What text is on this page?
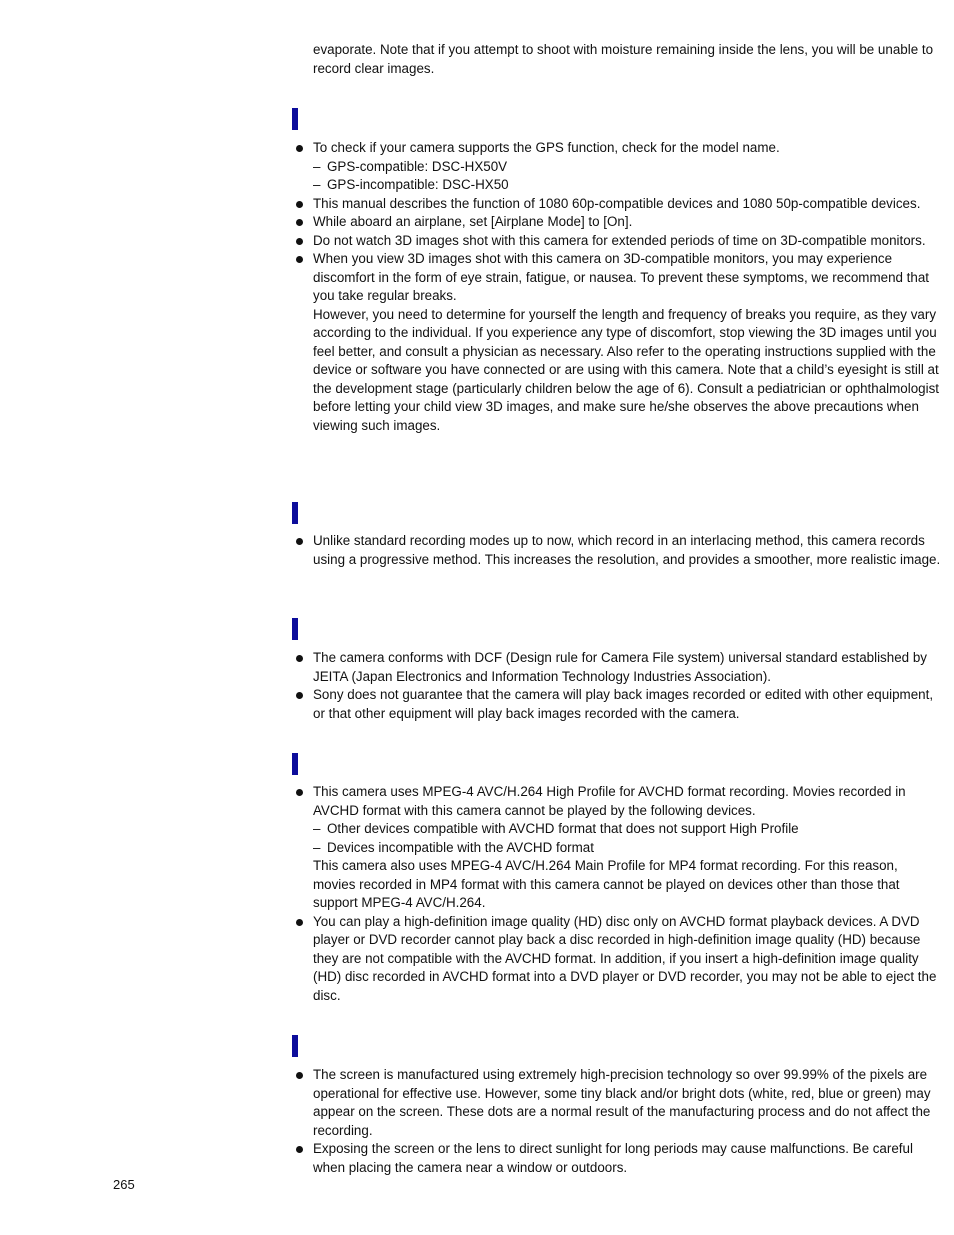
evaporate. Note that if you attempt to shoot with moisture remaining inside the lens, you will be unable to record clear images.

To check if your camera supports the GPS function, check for the model name.
– GPS-compatible: DSC-HX50V
– GPS-incompatible: DSC-HX50
This manual describes the function of 1080 60p-compatible devices and 1080 50p-compatible devices.
While aboard an airplane, set [Airplane Mode] to [On].
Do not watch 3D images shot with this camera for extended periods of time on 3D-compatible monitors.
When you view 3D images shot with this camera on 3D-compatible monitors, you may experience discomfort in the form of eye strain, fatigue, or nausea. To prevent these symptoms, we recommend that you take regular breaks.
However, you need to determine for yourself the length and frequency of breaks you require, as they vary according to the individual. If you experience any type of discomfort, stop viewing the 3D images until you feel better, and consult a physician as necessary. Also refer to the operating instructions supplied with the device or software you have connected or are using with this camera. Note that a child’s eyesight is still at the development stage (particularly children below the age of 6). Consult a pediatrician or ophthalmologist before letting your child view 3D images, and make sure he/she observes the above precautions when viewing such images.
Unlike standard recording modes up to now, which record in an interlacing method, this camera records using a progressive method. This increases the resolution, and provides a smoother, more realistic image.
The camera conforms with DCF (Design rule for Camera File system) universal standard established by JEITA (Japan Electronics and Information Technology Industries Association).
Sony does not guarantee that the camera will play back images recorded or edited with other equipment, or that other equipment will play back images recorded with the camera.
This camera uses MPEG-4 AVC/H.264 High Profile for AVCHD format recording. Movies recorded in AVCHD format with this camera cannot be played by the following devices.
– Other devices compatible with AVCHD format that does not support High Profile
– Devices incompatible with the AVCHD format
This camera also uses MPEG-4 AVC/H.264 Main Profile for MP4 format recording. For this reason, movies recorded in MP4 format with this camera cannot be played on devices other than those that support MPEG-4 AVC/H.264.
You can play a high-definition image quality (HD) disc only on AVCHD format playback devices. A DVD player or DVD recorder cannot play back a disc recorded in high-definition image quality (HD) because they are not compatible with the AVCHD format. In addition, if you insert a high-definition image quality (HD) disc recorded in AVCHD format into a DVD player or DVD recorder, you may not be able to eject the disc.
The screen is manufactured using extremely high-precision technology so over 99.99% of the pixels are operational for effective use. However, some tiny black and/or bright dots (white, red, blue or green) may appear on the screen. These dots are a normal result of the manufacturing process and do not affect the recording.
Exposing the screen or the lens to direct sunlight for long periods may cause malfunctions. Be careful when placing the camera near a window or outdoors.
265
